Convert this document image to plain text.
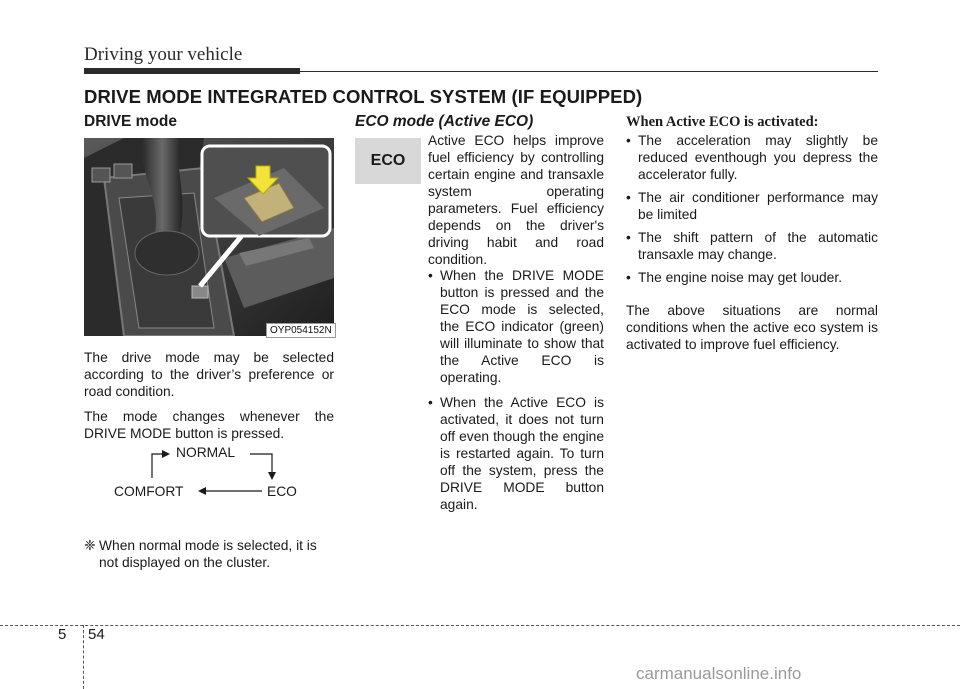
Driving your vehicle
DRIVE MODE INTEGRATED CONTROL SYSTEM (IF EQUIPPED)
DRIVE mode
OYP054152N

The drive mode may be selected according to the driver’s preference or road condition.

The mode changes whenever the DRIVE MODE button is pressed.

NORMAL
COMFORT	ECO
❈ When normal mode is selected, it is not displayed on the cluster.
ECO mode (Active ECO)
ECO

Active ECO helps improve fuel efficiency by controlling certain engine and transaxle system operating parameters. Fuel efficiency depends on the driver's driving habit and road condition.

• When the DRIVE MODE button is pressed and the ECO mode is selected, the ECO indicator (green) will illuminate to show that the Active ECO is operating.
• When the Active ECO is activated, it does not turn off even though the engine is restarted again. To turn off the system, press the DRIVE MODE button again.
When Active ECO is activated:
• The acceleration may slightly be reduced eventhough you depress the accelerator fully.
• The air conditioner performance may be limited
• The shift pattern of the automatic transaxle may change.
• The engine noise may get louder.

The above situations are normal conditions when the active eco system is activated to improve fuel efficiency.

5 54
carmanualsonline.info
